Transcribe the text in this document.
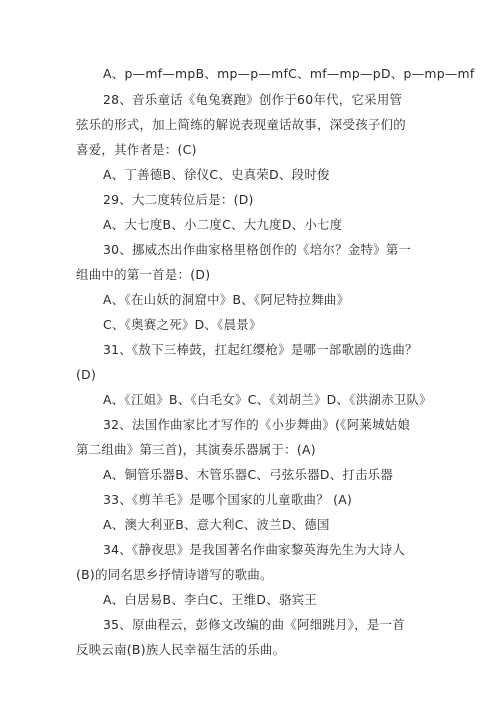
A、p—mf—mpB、mp—p—mfC、mf—mp—pD、p—mp—mf
28、音乐童话《龟兔赛跑》创作于60年代，它采用管
弦乐的形式，加上简练的解说表现童话故事，深受孩子们的
喜爱，其作者是：(C)
A、丁善德B、徐仪C、史真荣D、段时俊
29、大二度转位后是：(D)
A、大七度B、小二度C、大九度D、小七度
30、挪威杰出作曲家格里格创作的《培尔？金特》第一
组曲中的第一首是：(D)
A、《在山妖的洞窟中》B、《阿尼特拉舞曲》
C、《奥赛之死》D、《晨景》
31、《敖下三棒鼓，扛起红缨枪》是哪一部歌剧的选曲？
(D)
A、《江姐》B、《白毛女》C、《刘胡兰》D、《洪湖赤卫队》
32、法国作曲家比才写作的《小步舞曲》(《阿莱城姑娘
第二组曲》第三首)，其演奏乐器属于：(A)
A、铜管乐器B、木管乐器C、弓弦乐器D、打击乐器
33、《剪羊毛》是哪个国家的儿童歌曲？ (A)
A、澳大利亚B、意大利C、波兰D、德国
34、《静夜思》是我国著名作曲家黎英海先生为大诗人
(B)的同名思乡抒情诗谱写的歌曲。
A、白居易B、李白C、王维D、骆宾王
35、原曲程云，彭修文改编的曲《阿细跳月》，是一首
反映云南(B)族人民幸福生活的乐曲。
